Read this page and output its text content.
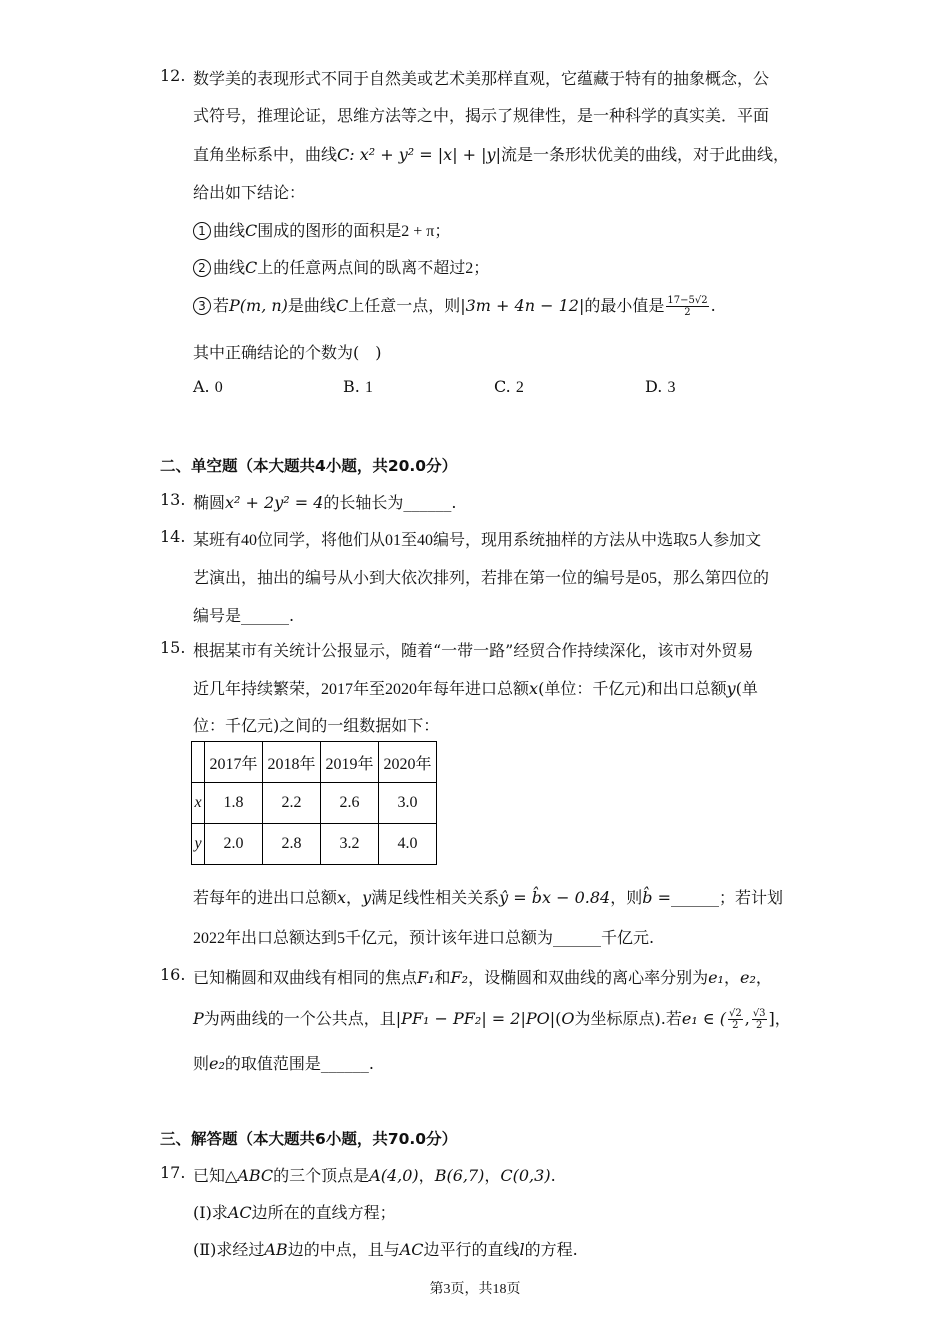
12. 数学美的表现形式不同于自然美或艺术美那样直观，它蕴藏于特有的抽象概念，公
式符号，推理论证，思维方法等之中，揭示了规律性，是一种科学的真实美．平面
直角坐标系中，曲线C: x² + y² = |x| + |y|流是一条形状优美的曲线，对于此曲线，
给出如下结论：
1 曲线C围成的图形的面积是2 + π；
2 曲线C上的任意两点间的臥离不超过2；
3 若P(m, n)是曲线C上任意一点，则|3m + 4n − 12|的最小值是 $\frac{17-5√2}{2}$ .
其中正确结论的个数为(　)
A. 0	B. 1	C. 2	D. 3
二、单空题（本大题共4小题，共20.0分）
13. 椭圆x² + 2y² = 4的长轴长为______.
14. 某班有40位同学，将他们从01至40编号，现用系统抽样的方法从中选取5人参加文
艺演出，抽出的编号从小到大依次排列，若排在第一位的编号是05，那么第四位的
编号是______.
15. 根据某市有关统计公报显示，随着“一带一路”经贸合作持续深化，该市对外贸易
近几年持续繁荣，2017年至2020年每年进口总额x(单位：千亿元)和出口总额y(单
位：千亿元)之间的一组数据如下：
	2017年	2018年	2019年	2020年
x	1.8	2.2	2.6	3.0
y	2.0	2.8	3.2	4.0
若每年的进出口总额x，y满足线性相关关系ŷ = b̂x − 0.84，则b̂ =______；若计划
2022年出口总额达到5千亿元，预计该年进口总额为______千亿元.
16. 已知椭圆和双曲线有相同的焦点F₁和F₂，设椭圆和双曲线的离心率分别为e₁，e₂，
P为两曲线的一个公共点，且|PF₁ − PF₂| = 2|PO|(O为坐标原点).若e₁ ∈ ( $\frac{√2}{2}$ , $\frac{√3}{2}$ ]，
则e₂的取值范围是______.
三、解答题（本大题共6小题，共70.0分）
17. 已知△ABC的三个顶点是A(4,0)，B(6,7)，C(0,3).
(Ⅰ)求AC边所在的直线方程；
(Ⅱ)求经过AB边的中点，且与AC边平行的直线l的方程.
第3页，共18页
